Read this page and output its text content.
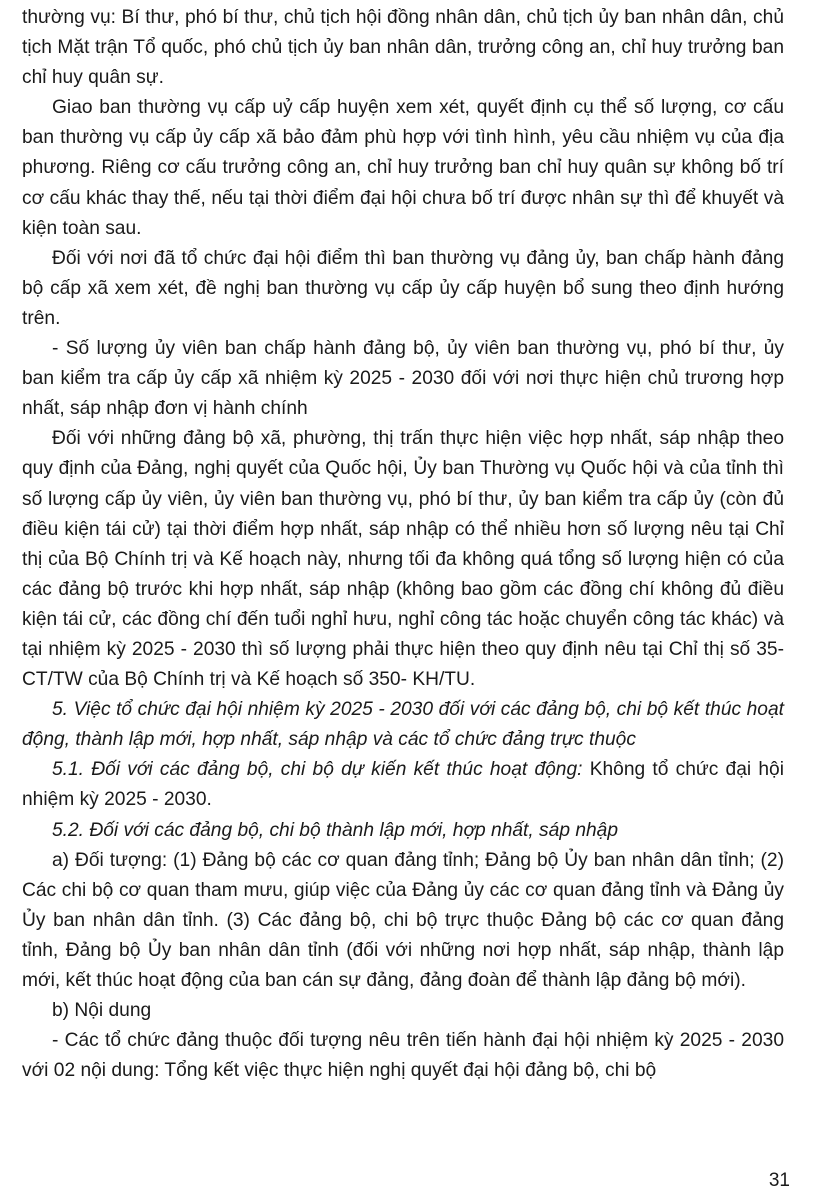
thường vụ: Bí thư, phó bí thư, chủ tịch hội đồng nhân dân, chủ tịch ủy ban nhân dân, chủ tịch Mặt trận Tổ quốc, phó chủ tịch ủy ban nhân dân, trưởng công an, chỉ huy trưởng ban chỉ huy quân sự.

Giao ban thường vụ cấp uỷ cấp huyện xem xét, quyết định cụ thể số lượng, cơ cấu ban thường vụ cấp ủy cấp xã bảo đảm phù hợp với tình hình, yêu cầu nhiệm vụ của địa phương. Riêng cơ cấu trưởng công an, chỉ huy trưởng ban chỉ huy quân sự không bố trí cơ cấu khác thay thế, nếu tại thời điểm đại hội chưa bố trí được nhân sự thì để khuyết và kiện toàn sau.

Đối với nơi đã tổ chức đại hội điểm thì ban thường vụ đảng ủy, ban chấp hành đảng bộ cấp xã xem xét, đề nghị ban thường vụ cấp ủy cấp huyện bổ sung theo định hướng trên.

- Số lượng ủy viên ban chấp hành đảng bộ, ủy viên ban thường vụ, phó bí thư, ủy ban kiểm tra cấp ủy cấp xã nhiệm kỳ 2025 - 2030 đối với nơi thực hiện chủ trương hợp nhất, sáp nhập đơn vị hành chính

Đối với những đảng bộ xã, phường, thị trấn thực hiện việc hợp nhất, sáp nhập theo quy định của Đảng, nghị quyết của Quốc hội, Ủy ban Thường vụ Quốc hội và của tỉnh thì số lượng cấp ủy viên, ủy viên ban thường vụ, phó bí thư, ủy ban kiểm tra cấp ủy (còn đủ điều kiện tái cử) tại thời điểm hợp nhất, sáp nhập có thể nhiều hơn số lượng nêu tại Chỉ thị của Bộ Chính trị và Kế hoạch này, nhưng tối đa không quá tổng số lượng hiện có của các đảng bộ trước khi hợp nhất, sáp nhập (không bao gồm các đồng chí không đủ điều kiện tái cử, các đồng chí đến tuổi nghỉ hưu, nghỉ công tác hoặc chuyển công tác khác) và tại nhiệm kỳ 2025 - 2030 thì số lượng phải thực hiện theo quy định nêu tại Chỉ thị số 35-CT/TW của Bộ Chính trị và Kế hoạch số 350- KH/TU.

5. Việc tổ chức đại hội nhiệm kỳ 2025 - 2030 đối với các đảng bộ, chi bộ kết thúc hoạt động, thành lập mới, hợp nhất, sáp nhập và các tổ chức đảng trực thuộc

5.1. Đối với các đảng bộ, chi bộ dự kiến kết thúc hoạt động: Không tổ chức đại hội nhiệm kỳ 2025 - 2030.

5.2. Đối với các đảng bộ, chi bộ thành lập mới, hợp nhất, sáp nhập

a) Đối tượng: (1) Đảng bộ các cơ quan đảng tỉnh; Đảng bộ Ủy ban nhân dân tỉnh; (2) Các chi bộ cơ quan tham mưu, giúp việc của Đảng ủy các cơ quan đảng tỉnh và Đảng ủy Ủy ban nhân dân tỉnh. (3) Các đảng bộ, chi bộ trực thuộc Đảng bộ các cơ quan đảng tỉnh, Đảng bộ Ủy ban nhân dân tỉnh (đối với những nơi hợp nhất, sáp nhập, thành lập mới, kết thúc hoạt động của ban cán sự đảng, đảng đoàn để thành lập đảng bộ mới).

b) Nội dung

- Các tổ chức đảng thuộc đối tượng nêu trên tiến hành đại hội nhiệm kỳ 2025 - 2030 với 02 nội dung: Tổng kết việc thực hiện nghị quyết đại hội đảng bộ, chi bộ

31
